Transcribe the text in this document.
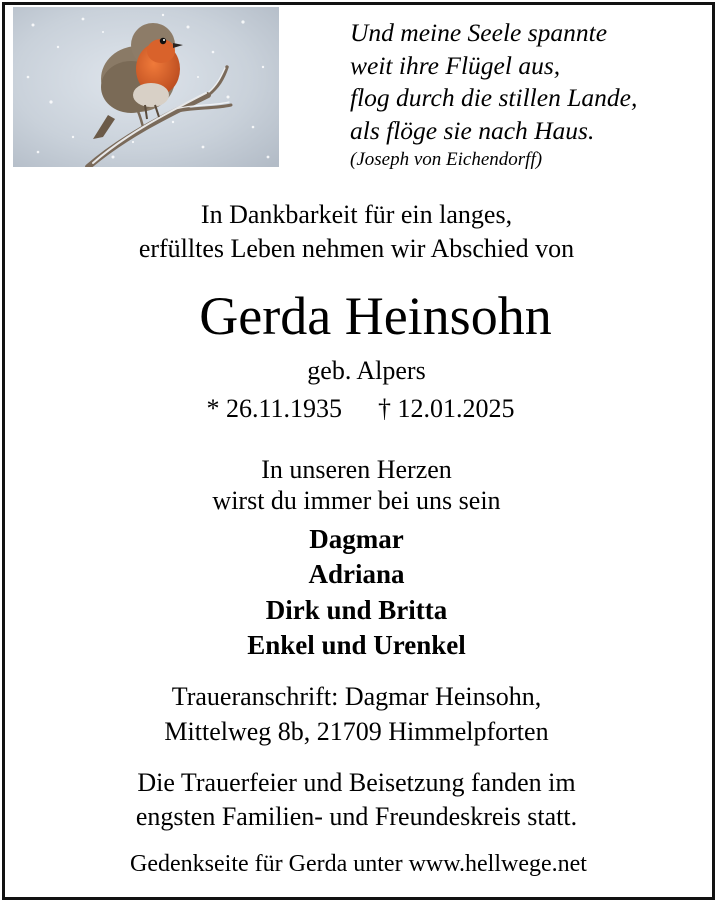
Und meine Seele spannte
weit ihre Flügel aus,
flog durch die stillen Lande,
als flöge sie nach Haus.
(Joseph von Eichendorff)
In Dankbarkeit für ein langes,
erfülltes Leben nehmen wir Abschied von
Gerda Heinsohn
geb. Alpers
* 26.11.1935 † 12.01.2025
In unseren Herzen
wirst du immer bei uns sein
Dagmar
Adriana
Dirk und Britta
Enkel und Urenkel
Traueranschrift: Dagmar Heinsohn,
Mittelweg 8b, 21709 Himmelpforten
Die Trauerfeier und Beisetzung fanden im
engsten Familien- und Freundeskreis statt.
Gedenkseite für Gerda unter www.hellwege.net
